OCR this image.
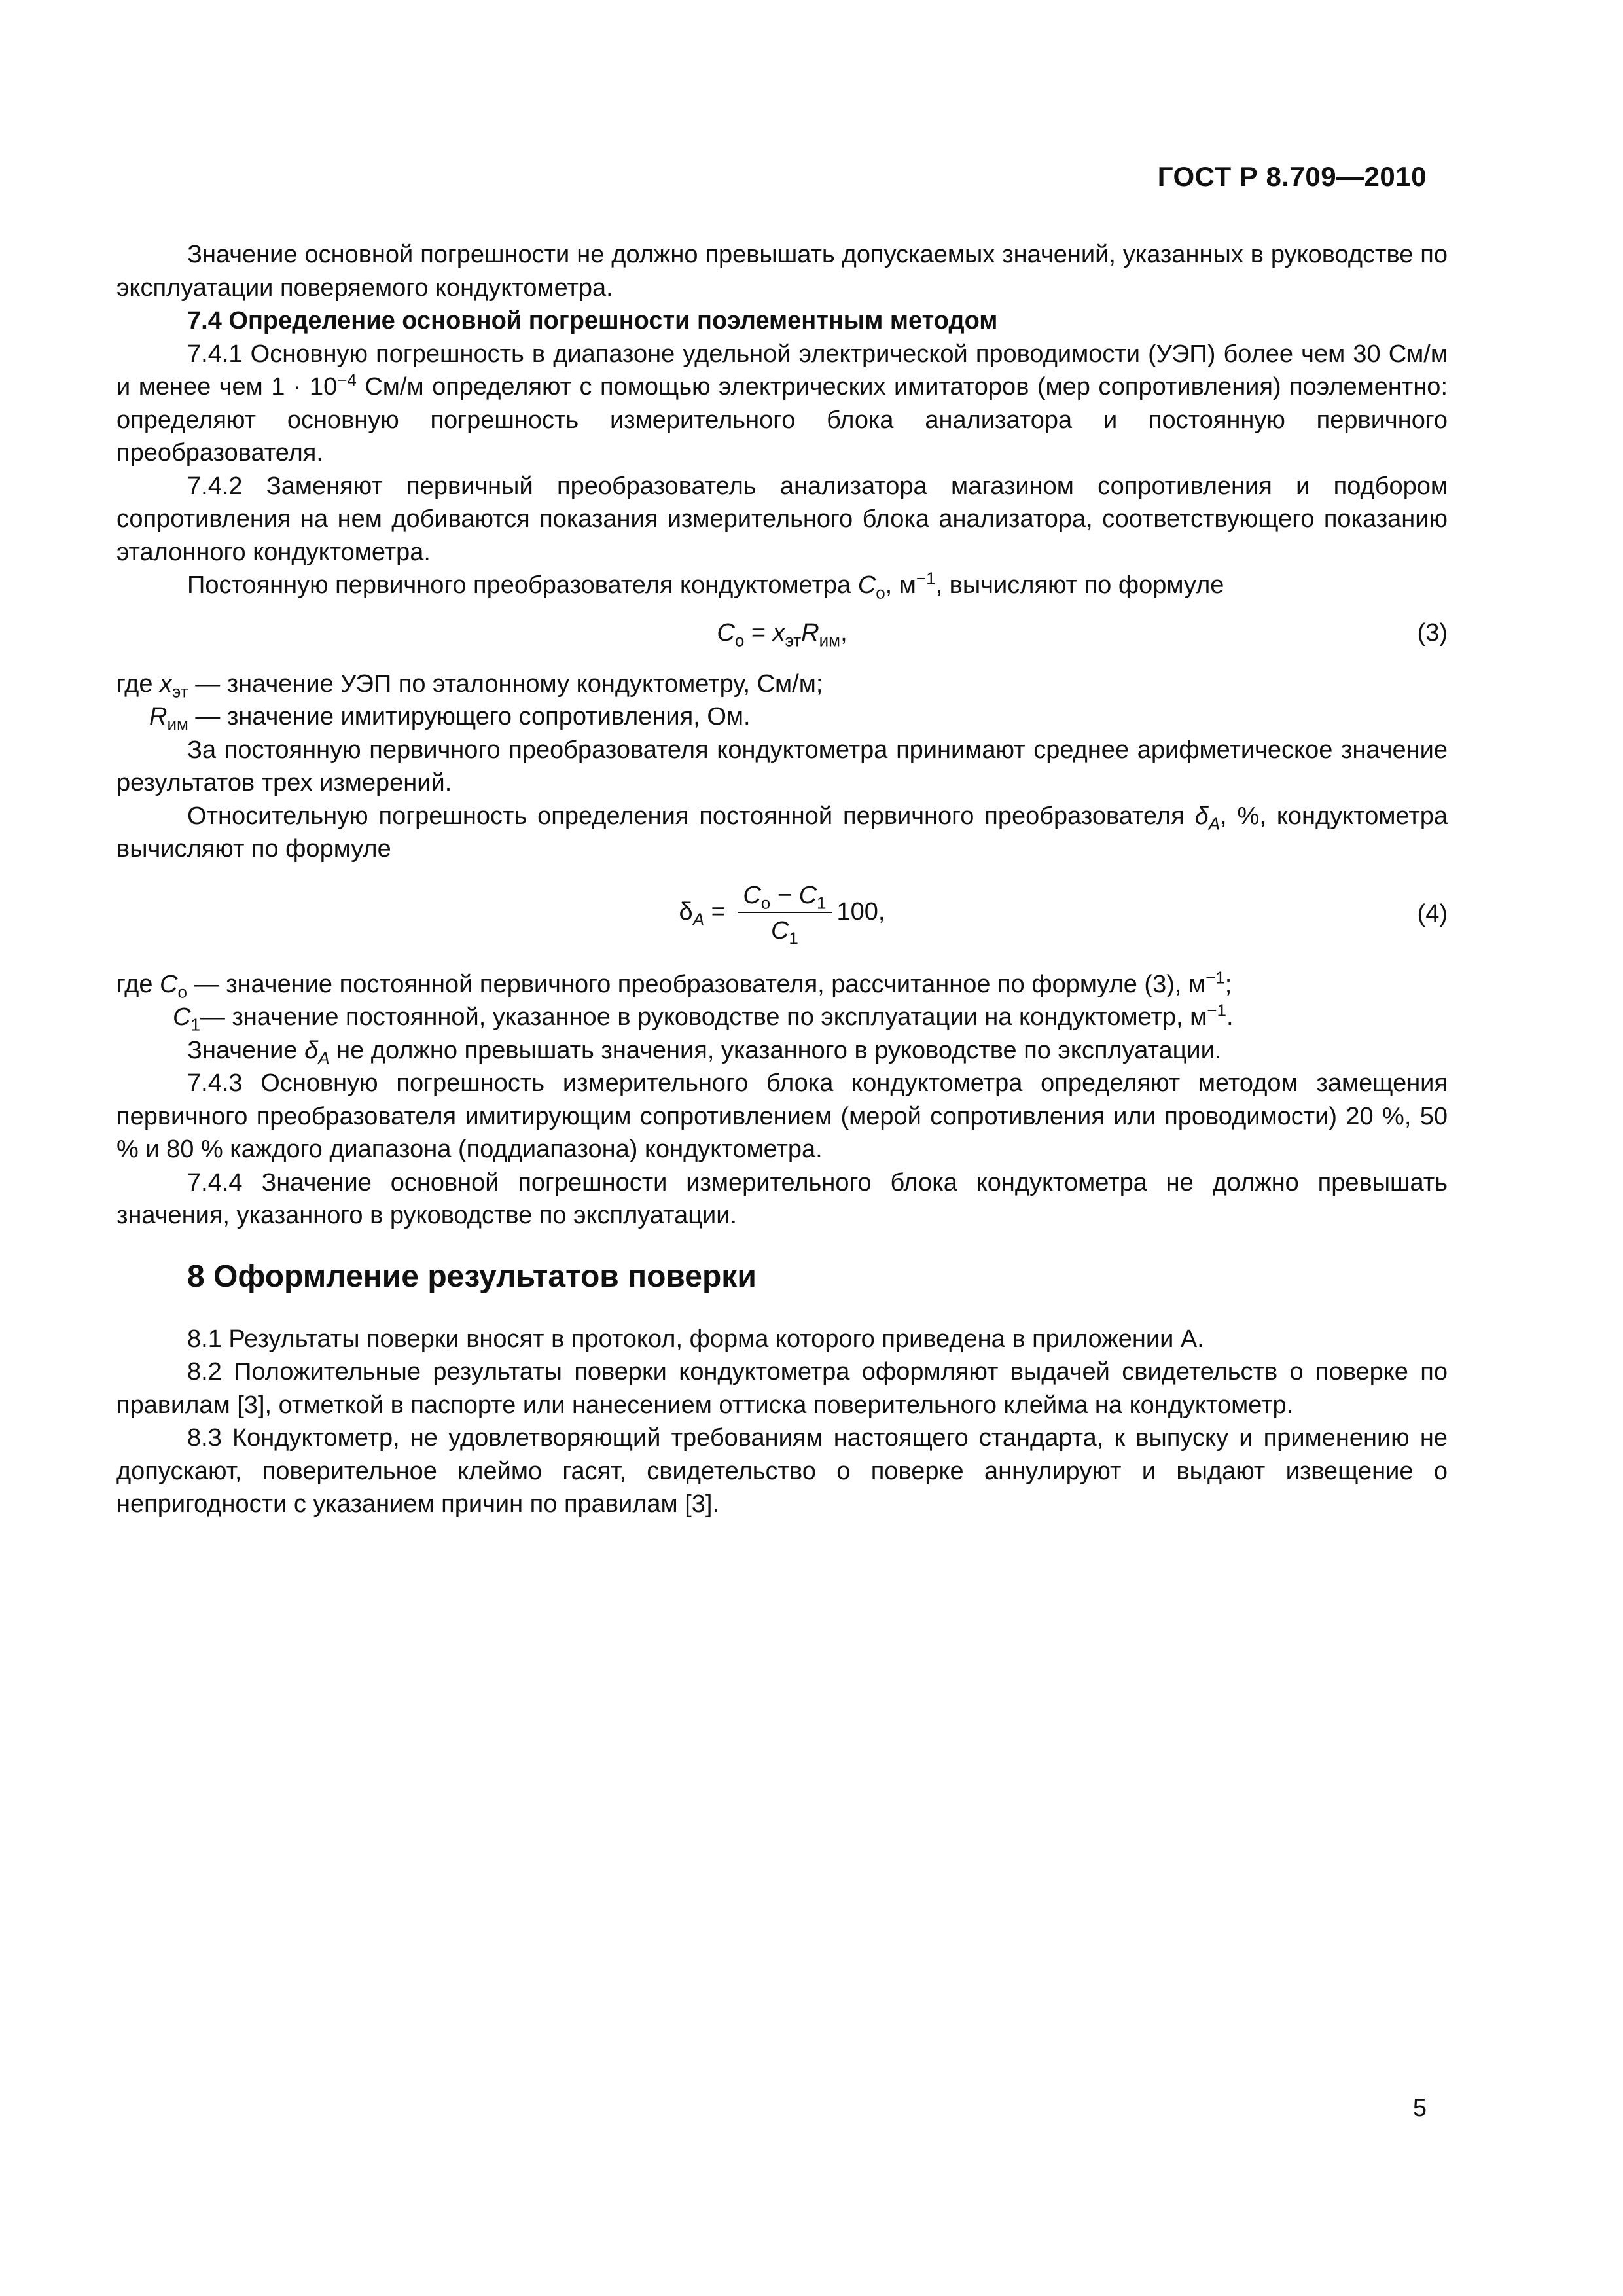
ГОСТ Р 8.709—2010

Значение основной погрешности не должно превышать допускаемых значений, указанных в руководстве по эксплуатации поверяемого кондуктометра.

7.4 Определение основной погрешности поэлементным методом

7.4.1 Основную погрешность в диапазоне удельной электрической проводимости (УЭП) более чем 30 См/м и менее чем $1 \cdot 10^{-4}$ См/м определяют с помощью электрических имитаторов (мер сопротивления) поэлементно: определяют основную погрешность измерительного блока анализатора и постоянную первичного преобразователя.

7.4.2 Заменяют первичный преобразователь анализатора магазином сопротивления и подбором сопротивления на нем добиваются показания измерительного блока анализатора, соответствующего показанию эталонного кондуктометра.

Постоянную первичного преобразователя кондуктометра $C_о$, $м^{-1}$, вычисляют по формуле

$C_о = x_{эт}R_{им}$,	(3)

где $x_{эт}$ — значение УЭП по эталонному кондуктометру, См/м;

$R_{им}$ — значение имитирующего сопротивления, Ом.

За постоянную первичного преобразователя кондуктометра принимают среднее арифметическое значение результатов трех измерений.

Относительную погрешность определения постоянной первичного преобразователя $\delta_A$, %, кондуктометра вычисляют по формуле

$\delta_A = \frac{C_о - C_1}{C_1} 100$,	(4)

где $C_о$ — значение постоянной первичного преобразователя, рассчитанное по формуле (3), $м^{-1}$;

$C_1—$ значение постоянной, указанное в руководстве по эксплуатации на кондуктометр, $м^{-1}$.

Значение $\delta_A$ не должно превышать значения, указанного в руководстве по эксплуатации.

7.4.3 Основную погрешность измерительного блока кондуктометра определяют методом замещения первичного преобразователя имитирующим сопротивлением (мерой сопротивления или проводимости) 20 %, 50 % и 80 % каждого диапазона (поддиапазона) кондуктометра.

7.4.4 Значение основной погрешности измерительного блока кондуктометра не должно превышать значения, указанного в руководстве по эксплуатации.

8 Оформление результатов поверки

8.1 Результаты поверки вносят в протокол, форма которого приведена в приложении А.

8.2 Положительные результаты поверки кондуктометра оформляют выдачей свидетельств о поверке по правилам [3], отметкой в паспорте или нанесением оттиска поверительного клейма на кондуктометр.

8.3 Кондуктометр, не удовлетворяющий требованиям настоящего стандарта, к выпуску и применению не допускают, поверительное клеймо гасят, свидетельство о поверке аннулируют и выдают извещение о непригодности с указанием причин по правилам [3].

5
